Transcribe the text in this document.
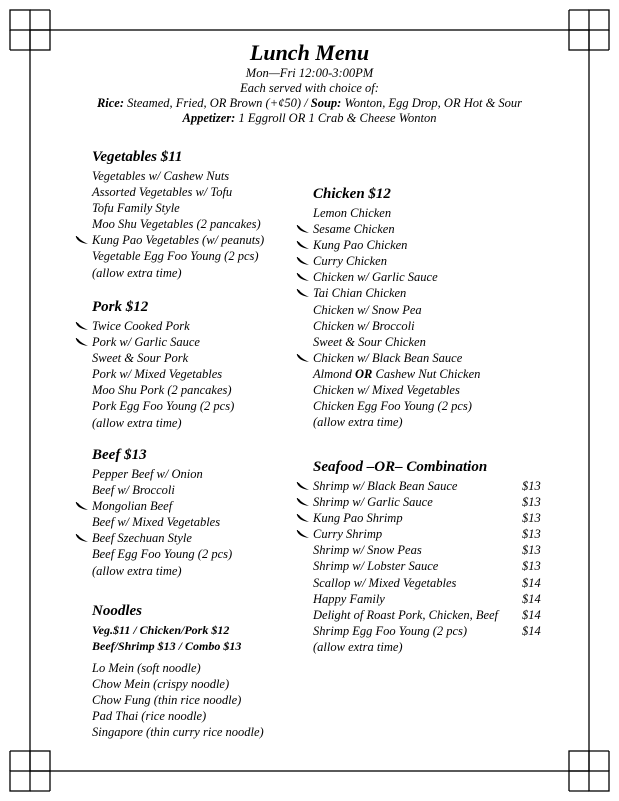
Lunch Menu
Mon—Fri 12:00-3:00PM
Each served with choice of:
Rice: Steamed, Fried, OR Brown (+¢50) / Soup: Wonton, Egg Drop, OR Hot & Sour
Appetizer: 1 Eggroll OR 1 Crab & Cheese Wonton
Vegetables $11
Vegetables w/ Cashew Nuts
Assorted Vegetables w/ Tofu
Tofu Family Style
Moo Shu Vegetables (2 pancakes)
Kung Pao Vegetables (w/ peanuts)
Vegetable Egg Foo Young (2 pcs)
(allow extra time)
Pork $12
Twice Cooked Pork
Pork w/ Garlic Sauce
Sweet & Sour Pork
Pork w/ Mixed Vegetables
Moo Shu Pork (2 pancakes)
Pork Egg Foo Young (2 pcs)
(allow extra time)
Beef $13
Pepper Beef w/ Onion
Beef w/ Broccoli
Mongolian Beef
Beef w/ Mixed Vegetables
Beef Szechuan Style
Beef Egg Foo Young (2 pcs)
(allow extra time)
Noodles
Veg.$11 / Chicken/Pork $12
Beef/Shrimp $13 / Combo $13
Lo Mein (soft noodle)
Chow Mein (crispy noodle)
Chow Fung (thin rice noodle)
Pad Thai (rice noodle)
Singapore (thin curry rice noodle)
Chicken $12
Lemon Chicken
Sesame Chicken
Kung Pao Chicken
Curry Chicken
Chicken w/ Garlic Sauce
Tai Chian Chicken
Chicken w/ Snow Pea
Chicken w/ Broccoli
Sweet & Sour Chicken
Chicken w/ Black Bean Sauce
Almond OR Cashew Nut Chicken
Chicken w/ Mixed Vegetables
Chicken Egg Foo Young (2 pcs)
(allow extra time)
Seafood –OR– Combination
Shrimp w/ Black Bean Sauce	$13
Shrimp w/ Garlic Sauce	$13
Kung Pao Shrimp	$13
Curry Shrimp	$13
Shrimp w/ Snow Peas	$13
Shrimp w/ Lobster Sauce	$13
Scallop w/ Mixed Vegetables	$14
Happy Family	$14
Delight of Roast Pork, Chicken, Beef $14
Shrimp Egg Foo Young (2 pcs)	$14
(allow extra time)
